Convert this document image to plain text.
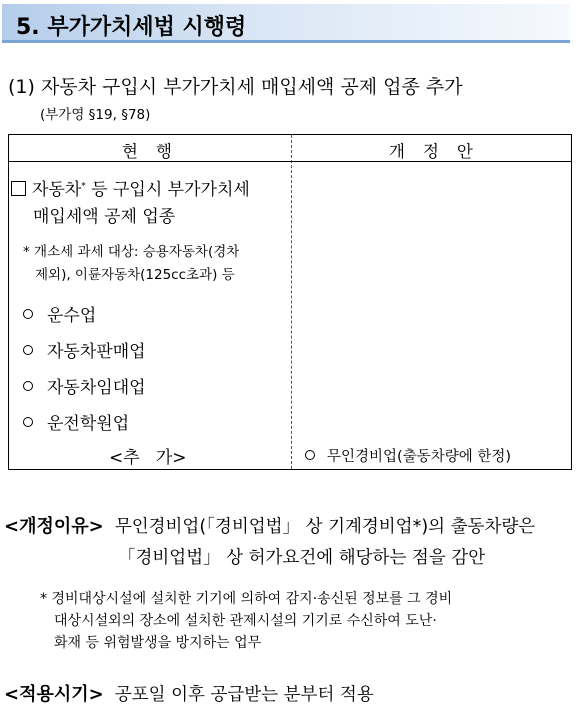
5. 부가가치세법 시행령
(1) 자동차 구입시 부가가치세 매입세액 공제 업종 추가
(부가영 §19, §78)
현행	개정안
자동차* 등 구입시 부가가치세
매입세액 공제 업종
* 개소세 과세 대상: 승용자동차(경차
제외), 이륜자동차(125cc초과) 등
운수업
자동차판매업
자동차임대업
운전학원업
<추   가>	무인경비업(출동차량에 한정)
<개정이유> 무인경비업(「경비업법」 상 기계경비업*)의 출동차량은
「경비업법」 상 허가요건에 해당하는 점을 감안
* 경비대상시설에 설치한 기기에 의하여 감지·송신된 정보를 그 경비
대상시설외의 장소에 설치한 관제시설의 기기로 수신하여 도난·
화재 등 위험발생을 방지하는 업무
<적용시기> 공포일 이후 공급받는 분부터 적용
